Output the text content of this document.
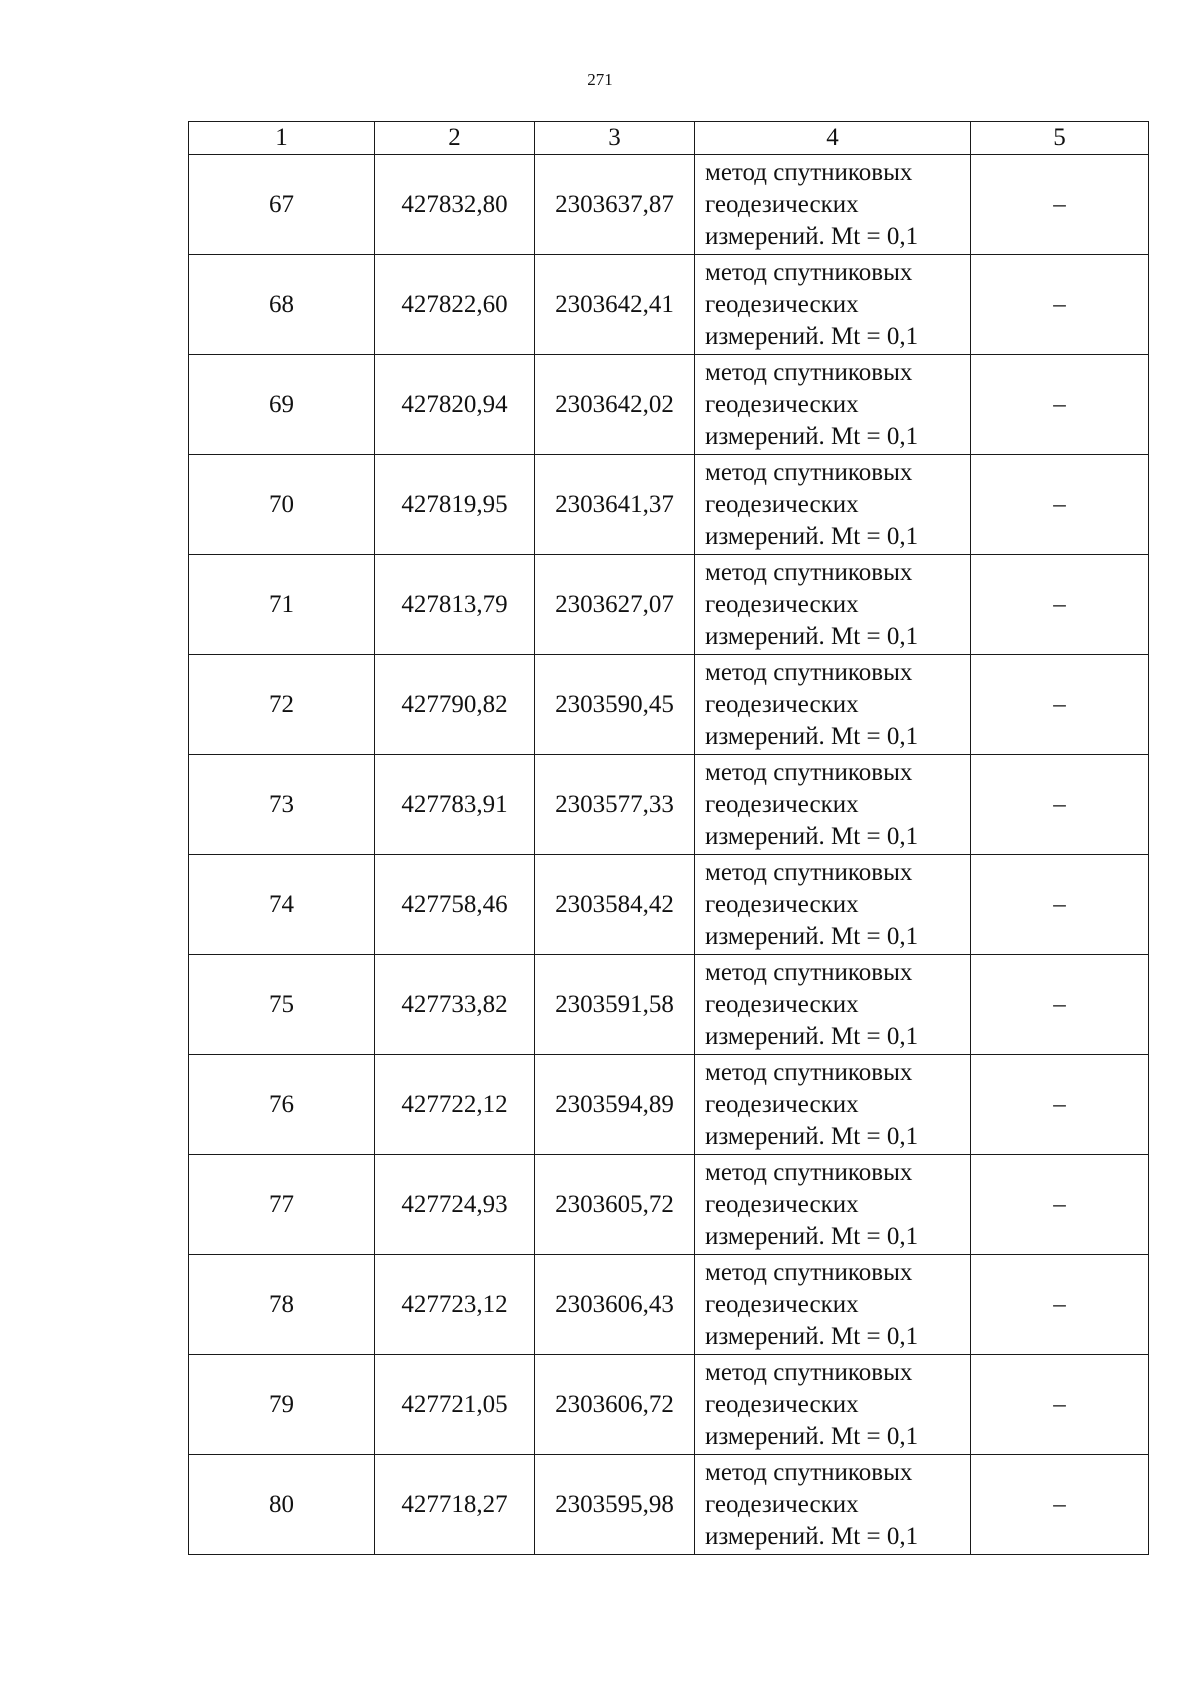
271
1	2	3	4	5
67	427832,80	2303637,87	метод спутниковых
геодезических
измерений. Mt = 0,1	–
68	427822,60	2303642,41	метод спутниковых
геодезических
измерений. Mt = 0,1	–
69	427820,94	2303642,02	метод спутниковых
геодезических
измерений. Mt = 0,1	–
70	427819,95	2303641,37	метод спутниковых
геодезических
измерений. Mt = 0,1	–
71	427813,79	2303627,07	метод спутниковых
геодезических
измерений. Mt = 0,1	–
72	427790,82	2303590,45	метод спутниковых
геодезических
измерений. Mt = 0,1	–
73	427783,91	2303577,33	метод спутниковых
геодезических
измерений. Mt = 0,1	–
74	427758,46	2303584,42	метод спутниковых
геодезических
измерений. Mt = 0,1	–
75	427733,82	2303591,58	метод спутниковых
геодезических
измерений. Mt = 0,1	–
76	427722,12	2303594,89	метод спутниковых
геодезических
измерений. Mt = 0,1	–
77	427724,93	2303605,72	метод спутниковых
геодезических
измерений. Mt = 0,1	–
78	427723,12	2303606,43	метод спутниковых
геодезических
измерений. Mt = 0,1	–
79	427721,05	2303606,72	метод спутниковых
геодезических
измерений. Mt = 0,1	–
80	427718,27	2303595,98	метод спутниковых
геодезических
измерений. Mt = 0,1	–
